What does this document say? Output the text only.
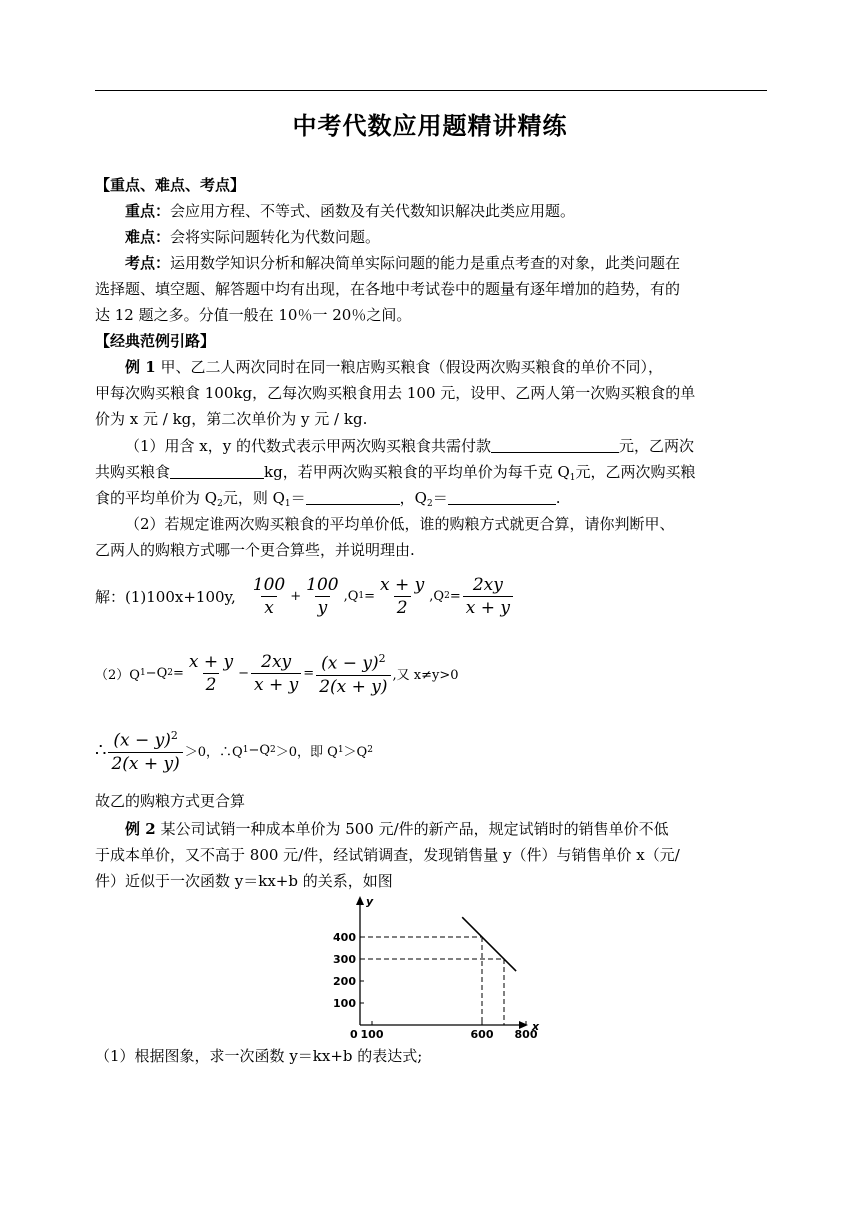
中考代数应用题精讲精练
【重点、难点、考点】
重点：会应用方程、不等式、函数及有关代数知识解决此类应用题。
难点：会将实际问题转化为代数问题。
考点：运用数学知识分析和解决简单实际问题的能力是重点考查的对象，此类问题在
选择题、填空题、解答题中均有出现，在各地中考试卷中的题量有逐年增加的趋势，有的
达 12 题之多。分值一般在 10％一 20％之间。
【经典范例引路】
例 1 甲、乙二人两次同时在同一粮店购买粮食（假设两次购买粮食的单价不同），
甲每次购买粮食 100kg，乙每次购买粮食用去 100 元，设甲、乙两人第一次购买粮食的单
价为 x 元 / kg，第二次单价为 y 元 / kg.
（1）用含 x，y 的代数式表示甲两次购买粮食共需付款	元，乙两次
共购买粮食	kg，若甲两次购买粮食的平均单价为每千克 $Q_1$元，乙两次购买粮
食的平均单价为 $Q_2$元，则 $Q_1=$	，$Q_2=$	.
（2）若规定谁两次购买粮食的平均单价低，谁的购粮方式就更合算，请你判断甲、
乙两人的购粮方式哪一个更合算些，并说明理由.
解：(1)100x+100y, $\frac{100}{x} + \frac{100}{y} ,Q$ $1 = \frac{x + y}{2} ,Q$ $2 = \frac{2xy}{x + y}$
（2）Q 1 −Q $2 = \frac{x + y}{2} - \frac{2xy}{x + y} = \frac{(x - y)^2}{2(x + y)}$ ,又 x≠y>0
∴ $\frac{(x - y)^2}{2(x + y)} >0$，∴Q 1 −Q 2 ＞0，即 Q 1 ＞Q 2
故乙的购粮方式更合算
例 2 某公司试销一种成本单价为 500 元/件的新产品，规定试销时的销售单价不低
于成本单价，又不高于 800 元/件，经试销调查，发现销售量 y（件）与销售单价 x（元/
件）近似于一次函数 y＝kx+b 的关系，如图
x
y
0
100
200
300
400
100	600 800
（1）根据图象，求一次函数 y＝kx+b 的表达式;
